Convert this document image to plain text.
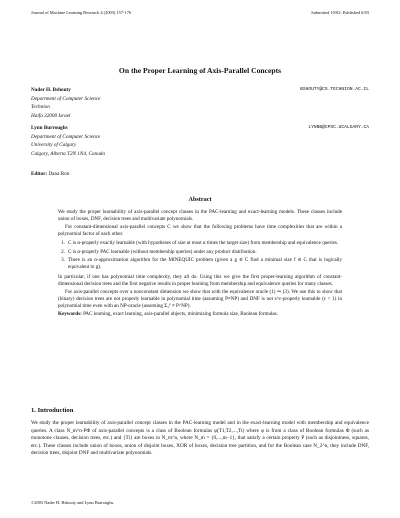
Journal of Machine Learning Research 4 (2003) 157-176	Submitted 10/02; Published 6/03
On the Proper Learning of Axis-Parallel Concepts
Nader H. Bshouty	BSHOUTY@CS.TECHNION.AC.IL
Department of Computer Science
Technion
Haifa 32000 Israel
Lynn Burroughs	LYNNB@CPSC.UCALGARY.CA
Department of Computer Science
University of Calgary
Calgary, Alberta T2N 1N4, Canada
Editor: Dana Ron
Abstract

We study the proper learnability of axis-parallel concept classes in the PAC-learning and exact-learning models. These classes include union of boxes, DNF, decision trees and multivariate polynomials.

For constant-dimensional axis-parallel concepts C we show that the following problems have time complexities that are within a polynomial factor of each other.

1. C is α-properly exactly learnable (with hypotheses of size at most α times the target size) from membership and equivalence queries.
2. C is α-properly PAC learnable (without membership queries) under any product distribution.
3. There is an α-approximation algorithm for the MINEQUIC problem (given a g ∈ C find a minimal size f ∈ C that is logically equivalent to g).

In particular, if one has polynomial time complexity, they all do. Using this we give the first proper-learning algorithm of constant-dimensional decision trees and the first negative results in proper learning from membership and equivalence queries for many classes.

For axis-parallel concepts over a nonconstant dimension we show that with the equivalence oracle (1) ⇒ (3). We use this to show that (binary) decision trees are not properly learnable in polynomial time (assuming P≠NP) and DNF is not s^ε-properly learnable (ε < 1) in polynomial time even with an NP-oracle (assuming Σ₂ᴾ ≠ P^NP).

Keywords: PAC learning, exact learning, axis-parallel objects, minimizing formula size, Boolean formulas.

1. Introduction

We study the proper learnability of axis-parallel concept classes in the PAC-learning model and in the exact-learning model with membership and equivalence queries. A class N_m^n-PΦ of axis-parallel concepts is a class of Boolean formulas φ(T1,T2,...,Tt) where φ is from a class of Boolean formulas Φ (such as monotone clauses, decision trees, etc.) and {Ti} are boxes in N_m^n, where N_m = {0,...,m−1}, that satisfy a certain property P (such as disjointness, squares, etc.). These classes include union of boxes, union of disjoint boxes, XOR of boxes, decision tree partition, and for the Boolean case N_2^n, they include DNF, decision trees, disjoint DNF and multivariate polynomials.

©2003 Nader H. Bshouty and Lynn Burroughs.
